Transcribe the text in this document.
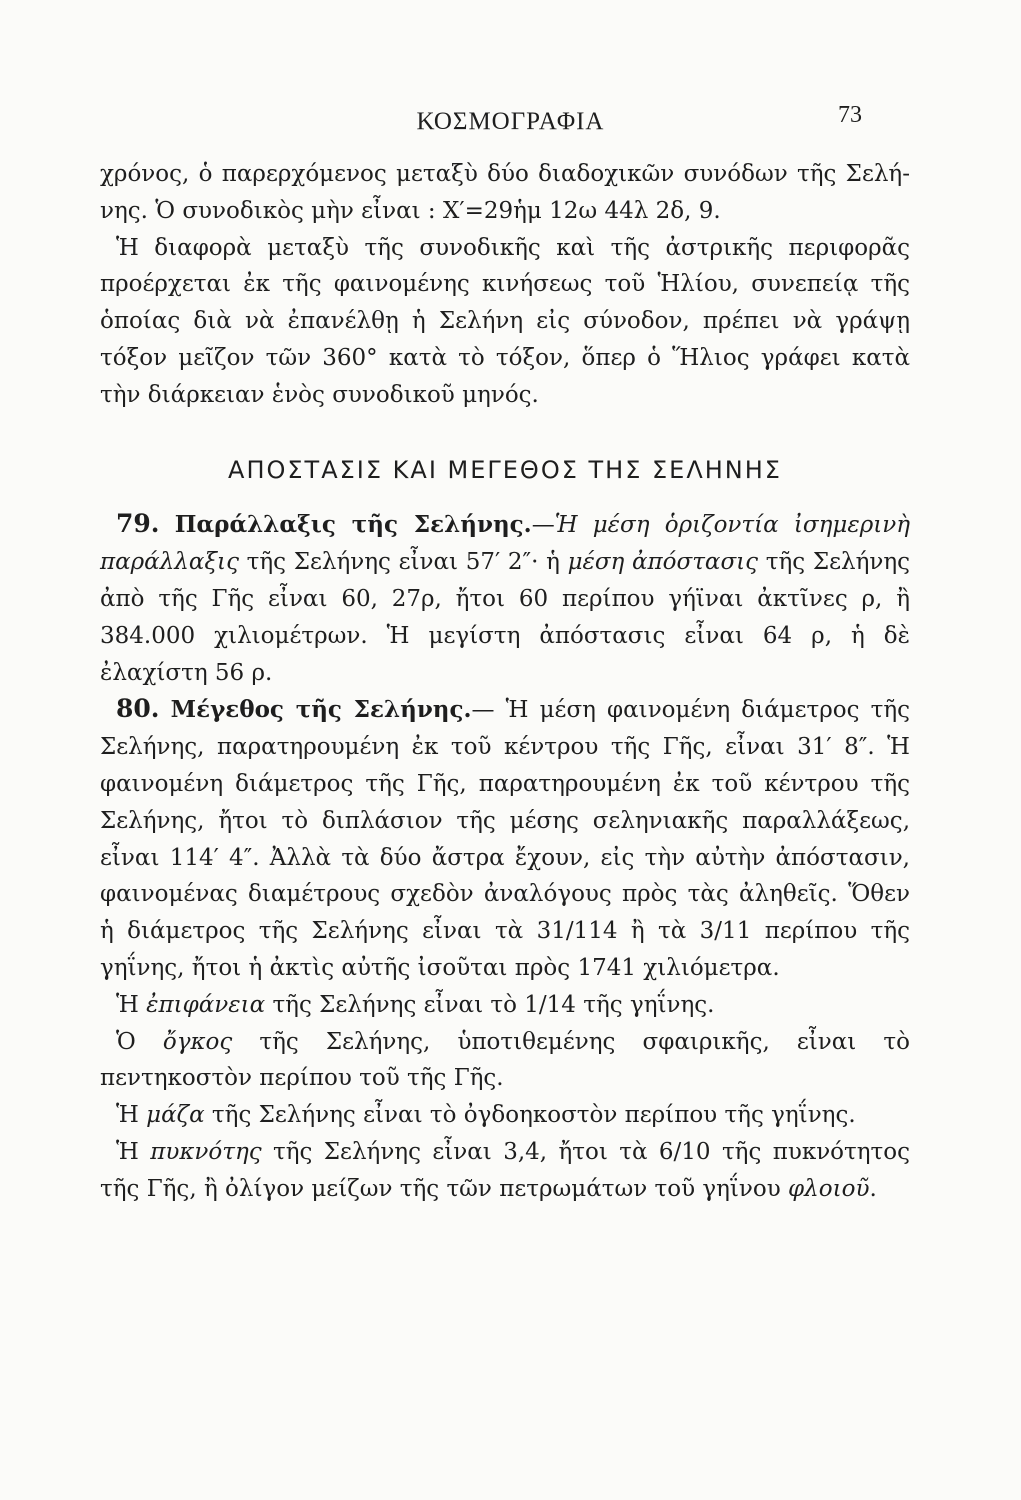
ΚΟΣΜΟΓΡΑΦΙΑ	73

χρόνος, ὁ παρερχόμενος μεταξὺ δύο διαδοχικῶν συνόδων τῆς Σελή-νης. Ὁ συνοδικὸς μὴν εἶναι : Χ′=29ἡμ 12ω 44λ 2δ, 9.

Ἡ διαφορὰ μεταξὺ τῆς συνοδικῆς καὶ τῆς ἀστρικῆς περιφορᾶς προέρχεται ἐκ τῆς φαινομένης κινήσεως τοῦ Ἡλίου, συνεπείᾳ τῆς ὁποίας διὰ νὰ ἐπανέλθῃ ἡ Σελήνη εἰς σύνοδον, πρέπει νὰ γράψῃ τόξον μεῖζον τῶν 360° κατὰ τὸ τόξον, ὅπερ ὁ Ἥλιος γράφει κατὰ τὴν διάρκειαν ἑνὸς συνοδικοῦ μηνός.

ΑΠΟΣΤΑΣΙΣ ΚΑΙ ΜΕΓΕΘΟΣ ΤΗΣ ΣΕΛΗΝΗΣ

79. Παράλλαξις τῆς Σελήνης.—Ἡ μέση ὁριζοντία ἰσημερινὴ παράλλαξις τῆς Σελήνης εἶναι 57′ 2″· ἡ μέση ἀπόστασις τῆς Σελήνης ἀπὸ τῆς Γῆς εἶναι 60, 27ρ, ἤτοι 60 περίπου γήϊναι ἀκτῖνες ρ, ἢ 384.000 χιλιομέτρων. Ἡ μεγίστη ἀπόστασις εἶναι 64 ρ, ἡ δὲ ἐλαχίστη 56 ρ.

80. Μέγεθος τῆς Σελήνης.— Ἡ μέση φαινομένη διάμετρος τῆς Σελήνης, παρατηρουμένη ἐκ τοῦ κέντρου τῆς Γῆς, εἶναι 31′ 8″. Ἡ φαινομένη διάμετρος τῆς Γῆς, παρατηρουμένη ἐκ τοῦ κέντρου τῆς Σελήνης, ἤτοι τὸ διπλάσιον τῆς μέσης σεληνιακῆς παραλλάξεως, εἶναι 114′ 4″. Ἀλλὰ τὰ δύο ἄστρα ἔχουν, εἰς τὴν αὐτὴν ἀπόστασιν, φαινομένας διαμέτρους σχεδὸν ἀναλόγους πρὸς τὰς ἀληθεῖς. Ὅθεν ἡ διάμετρος τῆς Σελήνης εἶναι τὰ 31/114 ἢ τὰ 3/11 περίπου τῆς γηΐνης, ἤτοι ἡ ἀκτὶς αὐτῆς ἰσοῦται πρὸς 1741 χιλιόμετρα.

Ἡ ἐπιφάνεια τῆς Σελήνης εἶναι τὸ 1/14 τῆς γηΐνης.

Ὁ ὄγκος τῆς Σελήνης, ὑποτιθεμένης σφαιρικῆς, εἶναι τὸ πεντηκοστὸν περίπου τοῦ τῆς Γῆς.

Ἡ μάζα τῆς Σελήνης εἶναι τὸ ὀγδοηκοστὸν περίπου τῆς γηΐνης.

Ἡ πυκνότης τῆς Σελήνης εἶναι 3,4, ἤτοι τὰ 6/10 τῆς πυκνότητος τῆς Γῆς, ἢ ὀλίγον μείζων τῆς τῶν πετρωμάτων τοῦ γηΐνου φλοιοῦ.
